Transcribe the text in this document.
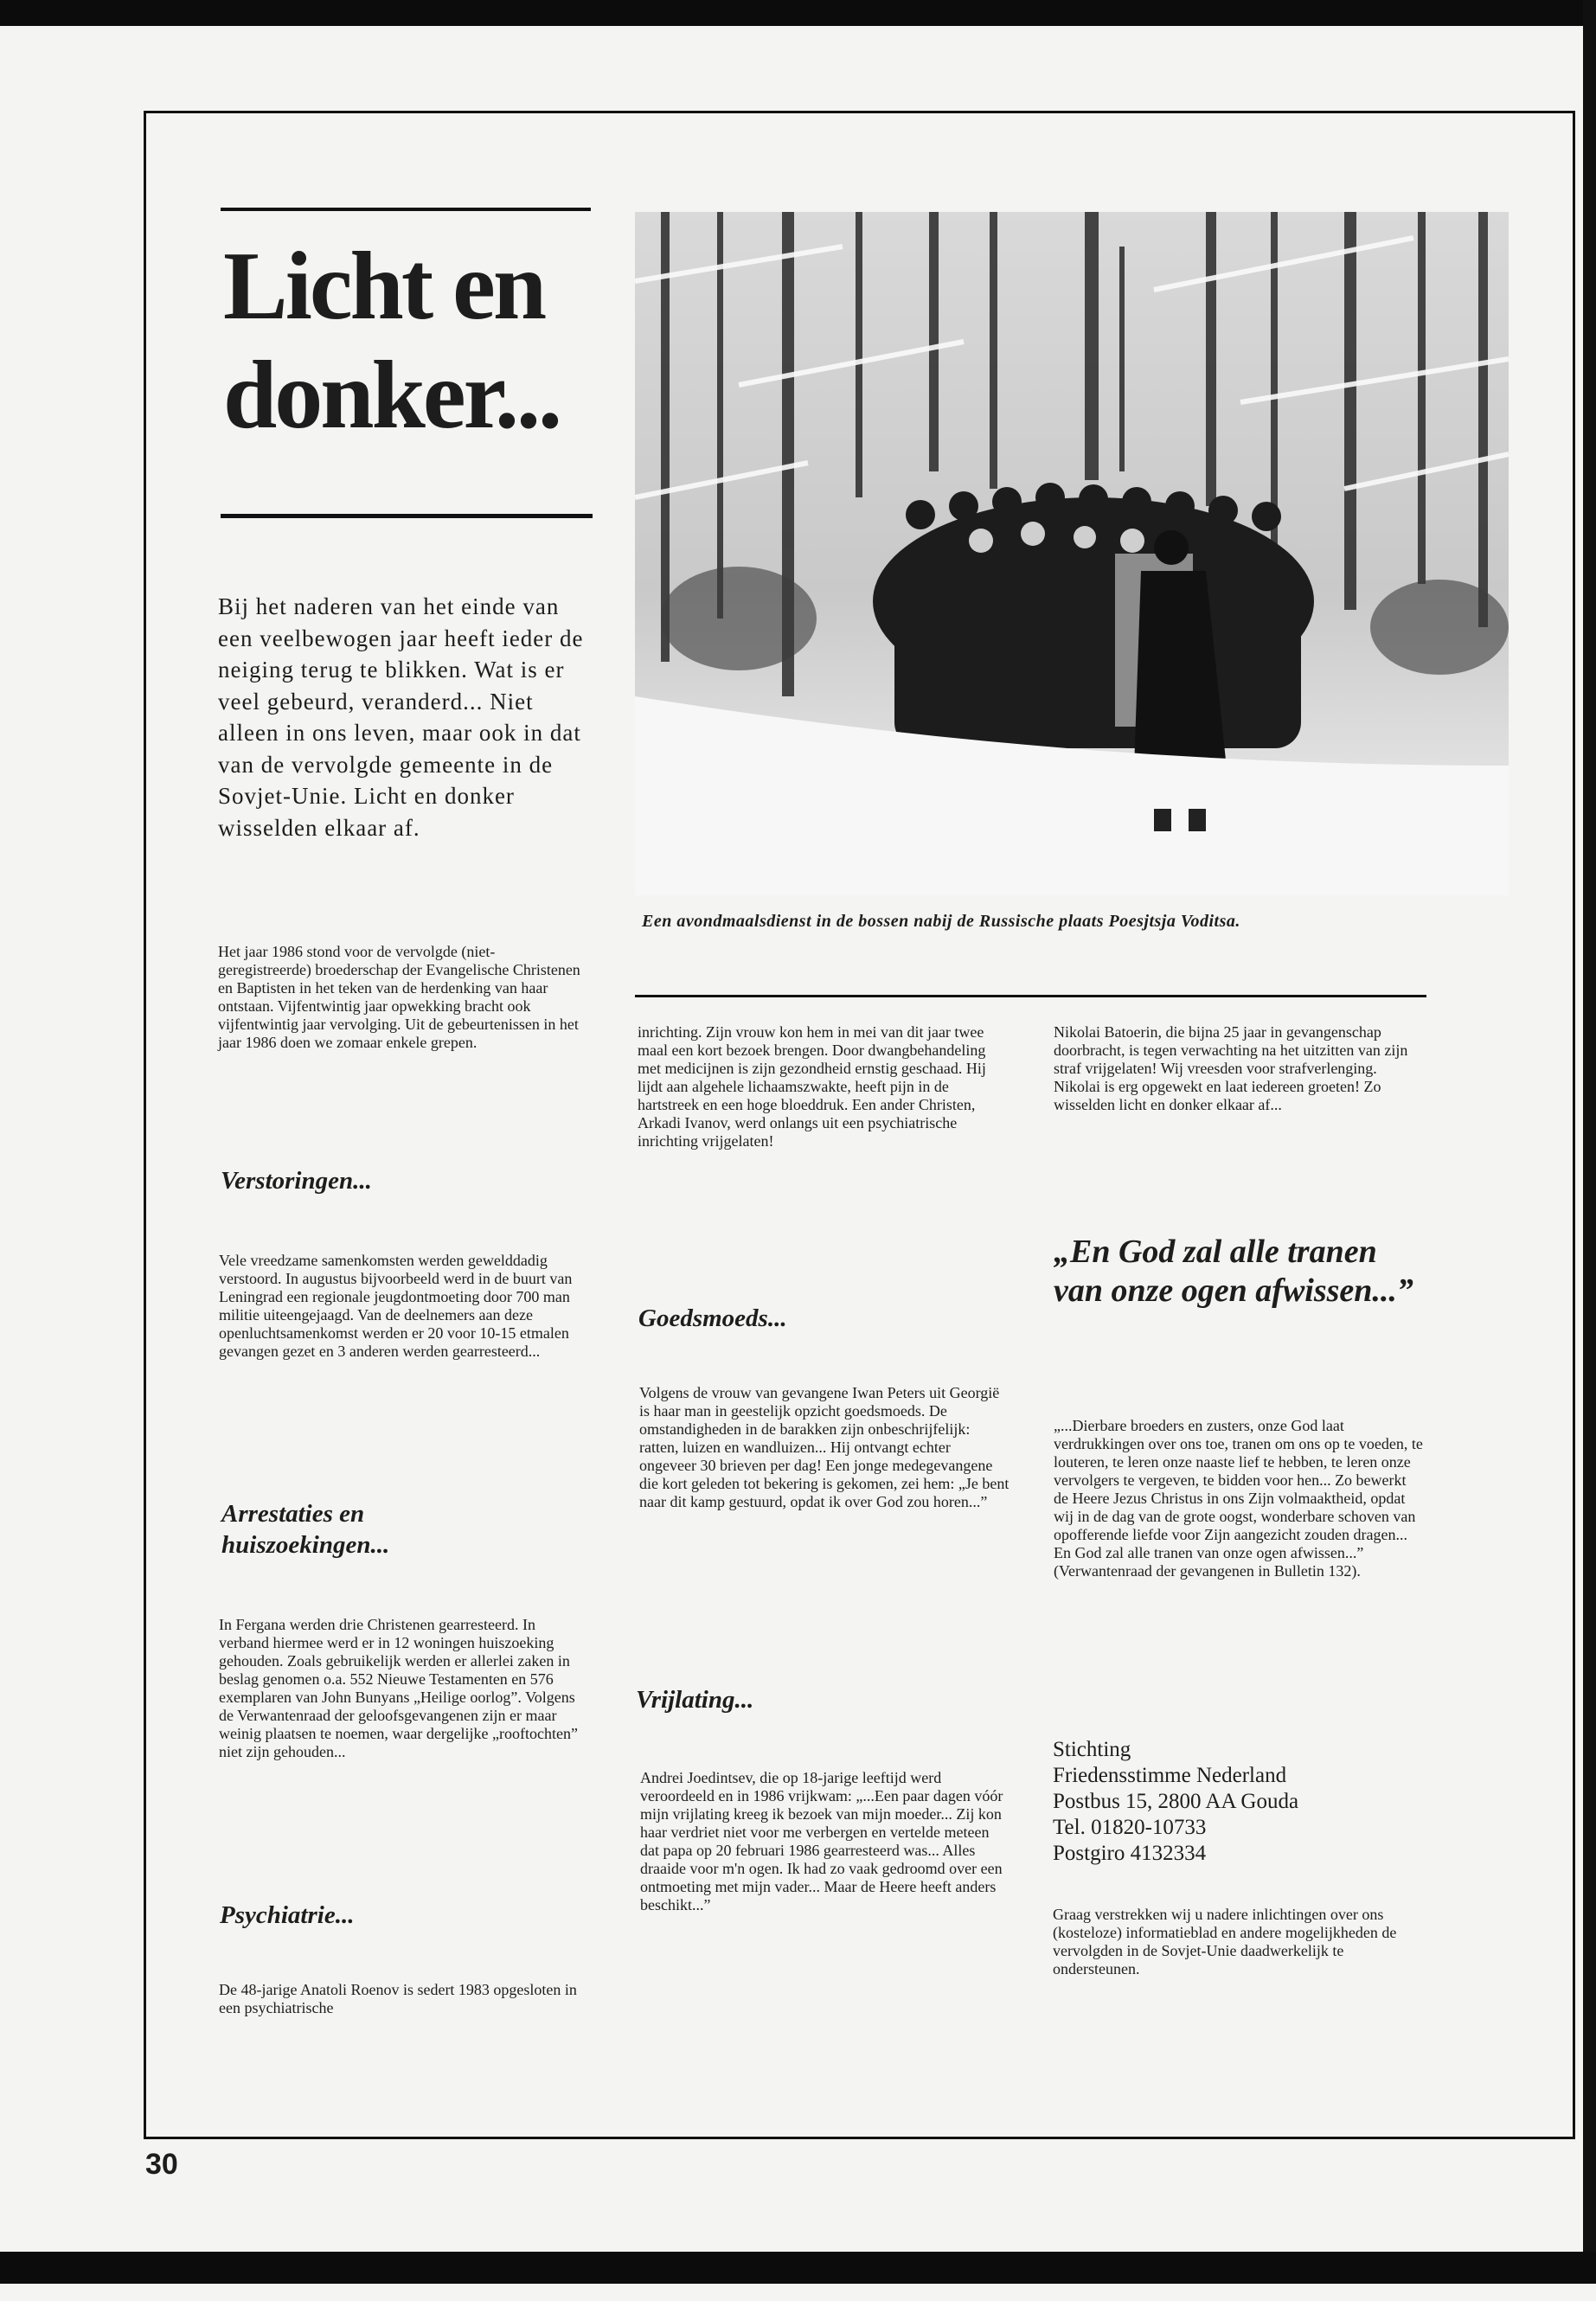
Licht en
donker...

Bij het naderen van het einde van een veelbewogen jaar heeft ieder de neiging terug te blikken. Wat is er veel gebeurd, veranderd... Niet alleen in ons leven, maar ook in dat van de vervolgde gemeente in de Sovjet-Unie. Licht en donker wisselden elkaar af.

Een avondmaalsdienst in de bossen nabij de Russische plaats Poesjtsja Voditsa.

Het jaar 1986 stond voor de vervolgde (niet-geregistreerde) broederschap der Evangelische Christenen en Baptisten in het teken van de herdenking van haar ontstaan. Vijfentwintig jaar opwekking bracht ook vijfentwintig jaar vervolging. Uit de gebeurtenissen in het jaar 1986 doen we zomaar enkele grepen.

Verstoringen...

Vele vreedzame samenkomsten werden gewelddadig verstoord. In augustus bijvoorbeeld werd in de buurt van Leningrad een regionale jeugdontmoeting door 700 man militie uiteengejaagd. Van de deelnemers aan deze openluchtsamenkomst werden er 20 voor 10-15 etmalen gevangen gezet en 3 anderen werden gearresteerd...

Arrestaties en
huiszoekingen...

In Fergana werden drie Christenen gearresteerd. In verband hiermee werd er in 12 woningen huiszoeking gehouden. Zoals gebruikelijk werden er allerlei zaken in beslag genomen o.a. 552 Nieuwe Testamenten en 576 exemplaren van John Bunyans „Heilige oorlog”. Volgens de Verwantenraad der geloofsgevangenen zijn er maar weinig plaatsen te noemen, waar dergelijke „rooftochten” niet zijn gehouden...

Psychiatrie...

De 48-jarige Anatoli Roenov is sedert 1983 opgesloten in een psychiatrische

inrichting. Zijn vrouw kon hem in mei van dit jaar twee maal een kort bezoek brengen. Door dwangbehandeling met medicijnen is zijn gezondheid ernstig geschaad. Hij lijdt aan algehele lichaamszwakte, heeft pijn in de hartstreek en een hoge bloeddruk. Een ander Christen, Arkadi Ivanov, werd onlangs uit een psychiatrische inrichting vrijgelaten!

Goedsmoeds...

Volgens de vrouw van gevangene Iwan Peters uit Georgië is haar man in geestelijk opzicht goedsmoeds. De omstandigheden in de barakken zijn onbeschrijfelijk: ratten, luizen en wandluizen... Hij ontvangt echter ongeveer 30 brieven per dag! Een jonge medegevangene die kort geleden tot bekering is gekomen, zei hem: „Je bent naar dit kamp gestuurd, opdat ik over God zou horen...”

Vrijlating...

Andrei Joedintsev, die op 18-jarige leeftijd werd veroordeeld en in 1986 vrijkwam: „...Een paar dagen vóór mijn vrijlating kreeg ik bezoek van mijn moeder... Zij kon haar verdriet niet voor me verbergen en vertelde meteen dat papa op 20 februari 1986 gearresteerd was... Alles draaide voor m'n ogen. Ik had zo vaak gedroomd over een ontmoeting met mijn vader... Maar de Heere heeft anders beschikt...”

Nikolai Batoerin, die bijna 25 jaar in gevangenschap doorbracht, is tegen verwachting na het uitzitten van zijn straf vrijgelaten! Wij vreesden voor strafverlenging. Nikolai is erg opgewekt en laat iedereen groeten! Zo wisselden licht en donker elkaar af...

„En God zal alle tranen van onze ogen afwissen...”

„...Dierbare broeders en zusters, onze God laat verdrukkingen over ons toe, tranen om ons op te voeden, te louteren, te leren onze naaste lief te hebben, te leren onze vervolgers te vergeven, te bidden voor hen... Zo bewerkt de Heere Jezus Christus in ons Zijn volmaaktheid, opdat wij in de dag van de grote oogst, wonderbare schoven van opofferende liefde voor Zijn aangezicht zouden dragen... En God zal alle tranen van onze ogen afwissen...” (Verwantenraad der gevangenen in Bulletin 132).

Stichting
Friedensstimme Nederland
Postbus 15, 2800 AA Gouda
Tel. 01820-10733
Postgiro 4132334

Graag verstrekken wij u nadere inlichtingen over ons (kosteloze) informatieblad en andere mogelijkheden de vervolgden in de Sovjet-Unie daadwerkelijk te ondersteunen.

30
